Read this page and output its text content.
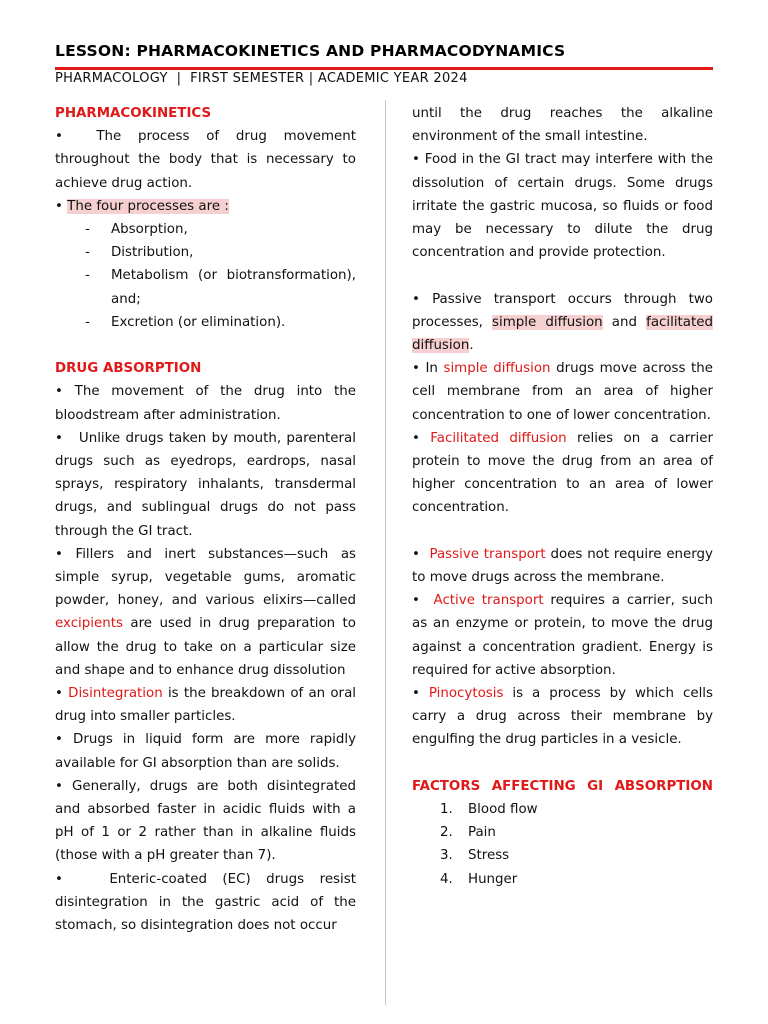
LESSON: PHARMACOKINETICS AND PHARMACODYNAMICS
PHARMACOLOGY  |  FIRST SEMESTER | ACADEMIC YEAR 2024

PHARMACOKINETICS

• The process of drug movement throughout the body that is necessary to achieve drug action.

• The four processes are :

- Absorption,

- Distribution,

- Metabolism (or biotransformation), and;

- Excretion (or elimination).

DRUG ABSORPTION

• The movement of the drug into the bloodstream after administration.

• Unlike drugs taken by mouth, parenteral drugs such as eyedrops, eardrops, nasal sprays, respiratory inhalants, transdermal drugs, and sublingual drugs do not pass through the GI tract.

• Fillers and inert substances—such as simple syrup, vegetable gums, aromatic powder, honey, and various elixirs—called excipients are used in drug preparation to allow the drug to take on a particular size and shape and to enhance drug dissolution

• Disintegration is the breakdown of an oral drug into smaller particles.

• Drugs in liquid form are more rapidly available for GI absorption than are solids.

• Generally, drugs are both disintegrated and absorbed faster in acidic fluids with a pH of 1 or 2 rather than in alkaline fluids (those with a pH greater than 7).

•	Enteric-coated (EC) drugs resist disintegration in the gastric acid of the stomach, so disintegration does not occur

until the drug reaches the alkaline environment of the small intestine.

• Food in the GI tract may interfere with the dissolution of certain drugs. Some drugs irritate the gastric mucosa, so fluids or food may be necessary to dilute the drug concentration and provide protection.

• Passive transport occurs through two processes, simple diffusion and facilitated diffusion.

• In simple diffusion drugs move across the cell membrane from an area of higher concentration to one of lower concentration.

• Facilitated diffusion relies on a carrier protein to move the drug from an area of higher concentration to an area of lower concentration.

• Passive transport does not require energy to move drugs across the membrane.

• Active transport requires a carrier, such as an enzyme or protein, to move the drug against a concentration gradient. Energy is required for active absorption.

• Pinocytosis is a process by which cells carry a drug across their membrane by engulfing the drug particles in a vesicle.

FACTORS AFFECTING GI ABSORPTION

1. Blood flow

2. Pain

3. Stress

4. Hunger
